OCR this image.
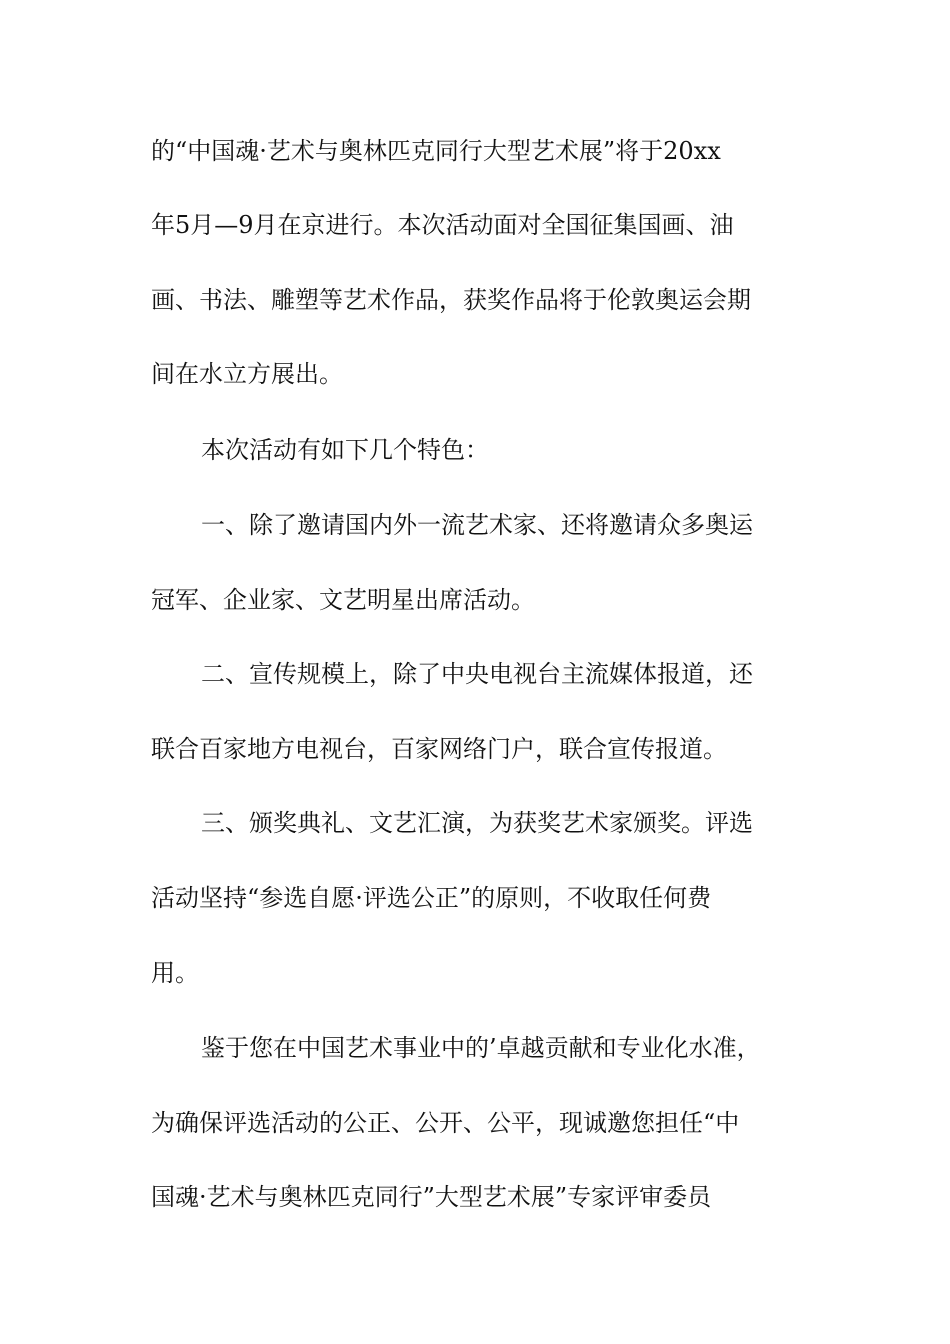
的“中国魂·艺术与奥林匹克同行大型艺术展”将于20xx
年5月—9月在京进行。本次活动面对全国征集国画、油
画、书法、雕塑等艺术作品，获奖作品将于伦敦奥运会期
间在水立方展出。
本次活动有如下几个特色：
一、除了邀请国内外一流艺术家、还将邀请众多奥运
冠军、企业家、文艺明星出席活动。
二、宣传规模上，除了中央电视台主流媒体报道，还
联合百家地方电视台，百家网络门户，联合宣传报道。
三、颁奖典礼、文艺汇演，为获奖艺术家颁奖。评选
活动坚持“参选自愿·评选公正”的原则，不收取任何费
用。
鉴于您在中国艺术事业中的’卓越贡献和专业化水准，
为确保评选活动的公正、公开、公平，现诚邀您担任“中
国魂·艺术与奥林匹克同行”大型艺术展”专家评审委员
